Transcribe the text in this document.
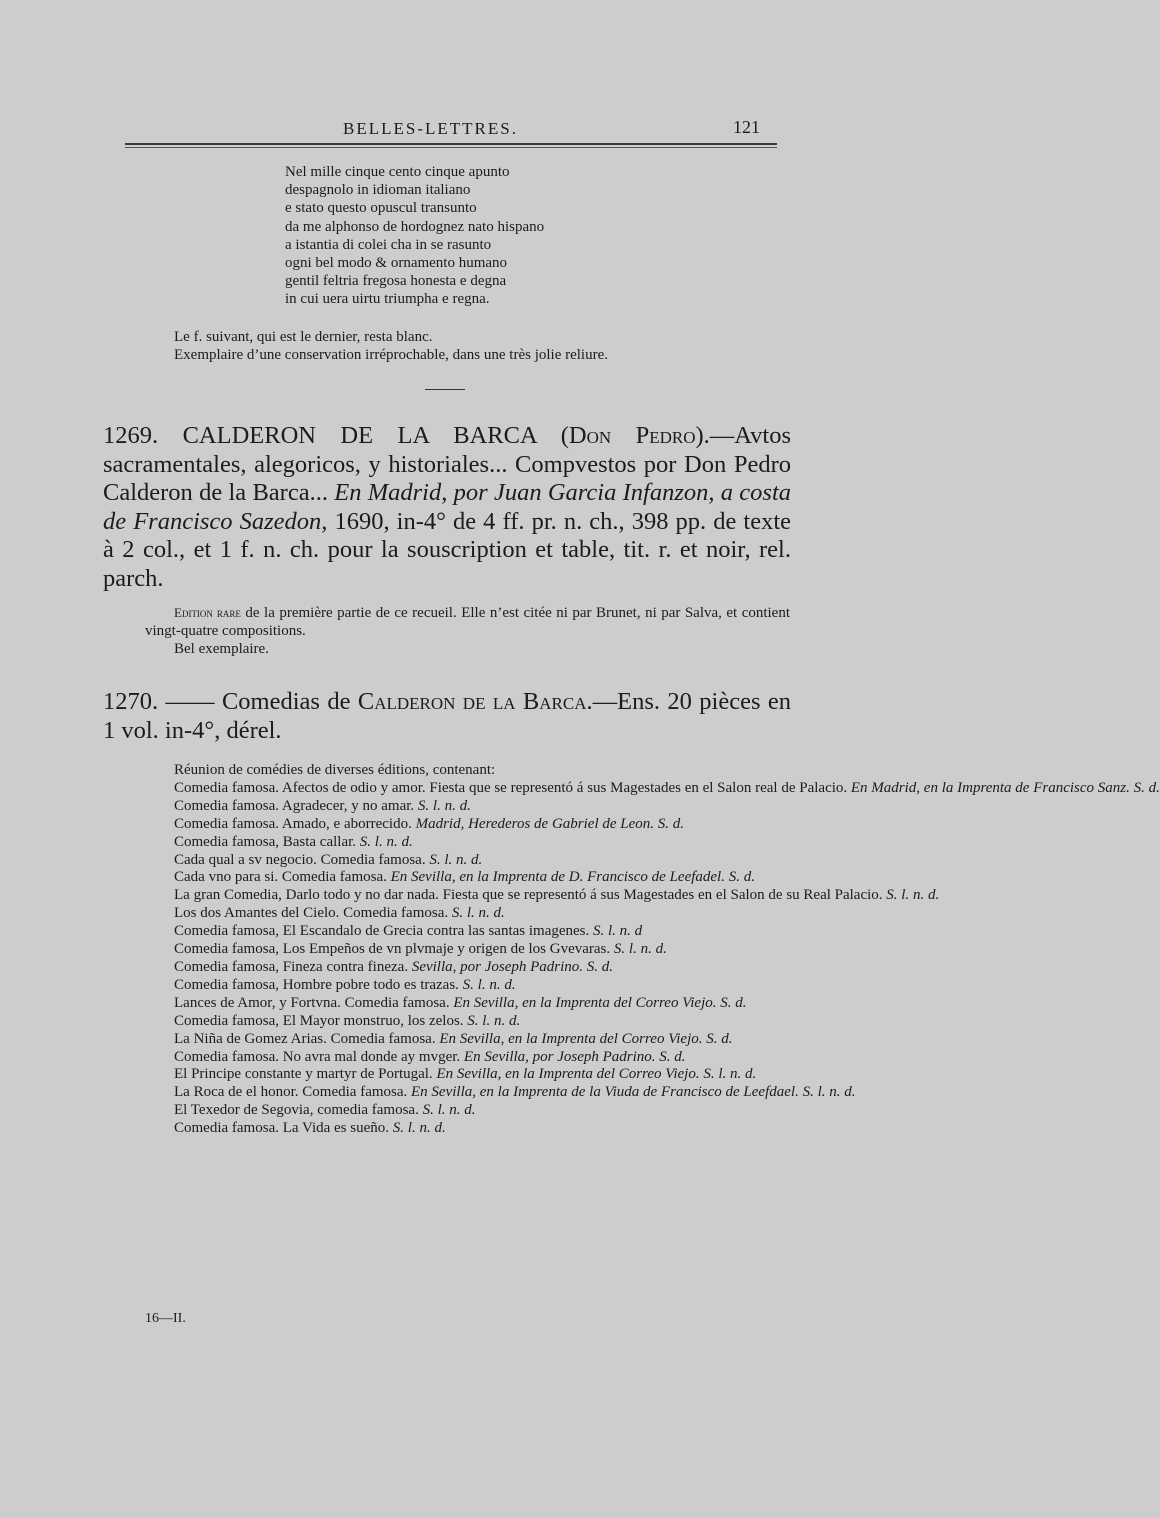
BELLES-LETTRES.	121
Nel mille cinque cento cinque apunto
despagnolo in idioman italiano
e stato questo opuscul transunto
da me alphonso de hordognez nato hispano
a istantia di colei cha in se rasunto
ogni bel modo & ornamento humano
gentil feltria fregosa honesta e degna
in cui uera uirtu triumpha e regna.
Le f. suivant, qui est le dernier, resta blanc.
Exemplaire d’une conservation irréprochable, dans une très jolie reliure.
1269. CALDERON DE LA BARCA (Don Pedro).—Avtos sacramentales, alegoricos, y historiales... Compvestos por Don Pedro Calderon de la Barca... En Madrid, por Juan Garcia Infanzon, a costa de Francisco Sazedon, 1690, in-4° de 4 ff. pr. n. ch., 398 pp. de texte à 2 col., et 1 f. n. ch. pour la souscription et table, tit. r. et noir, rel. parch.
Edition rare de la première partie de ce recueil. Elle n’est citée ni par Brunet, ni par Salva, et contient vingt-quatre compositions.
Bel exemplaire.
1270. —— Comedias de Calderon de la Barca.—Ens. 20 pièces en 1 vol. in-4°, dérel.
Réunion de comédies de diverses éditions, contenant:
Comedia famosa. Afectos de odio y amor. Fiesta que se representó á sus Magestades en el Salon real de Palacio. En Madrid, en la Imprenta de Francisco Sanz. S. d.
Comedia famosa. Agradecer, y no amar. S. l. n. d.
Comedia famosa. Amado, e aborrecido. Madrid, Herederos de Gabriel de Leon. S. d.
Comedia famosa, Basta callar. S. l. n. d.
Cada qual a sv negocio. Comedia famosa. S. l. n. d.
Cada vno para si. Comedia famosa. En Sevilla, en la Imprenta de D. Francisco de Leefadel. S. d.
La gran Comedia, Darlo todo y no dar nada. Fiesta que se representó á sus Magestades en el Salon de su Real Palacio. S. l. n. d.
Los dos Amantes del Cielo. Comedia famosa. S. l. n. d.
Comedia famosa, El Escandalo de Grecia contra las santas imagenes. S. l. n. d
Comedia famosa, Los Empeños de vn plvmaje y origen de los Gvevaras. S. l. n. d.
Comedia famosa, Fineza contra fineza. Sevilla, por Joseph Padrino. S. d.
Comedia famosa, Hombre pobre todo es trazas. S. l. n. d.
Lances de Amor, y Fortvna. Comedia famosa. En Sevilla, en la Imprenta del Correo Viejo. S. d.
Comedia famosa, El Mayor monstruo, los zelos. S. l. n. d.
La Niña de Gomez Arias. Comedia famosa. En Sevilla, en la Imprenta del Correo Viejo. S. d.
Comedia famosa. No avra mal donde ay mvger. En Sevilla, por Joseph Padrino. S. d.
El Principe constante y martyr de Portugal. En Sevilla, en la Imprenta del Correo Viejo. S. l. n. d.
La Roca de el honor. Comedia famosa. En Sevilla, en la Imprenta de la Viuda de Francisco de Leefdael. S. l. n. d.
El Texedor de Segovia, comedia famosa. S. l. n. d.
Comedia famosa. La Vida es sueño. S. l. n. d.
16—II.
